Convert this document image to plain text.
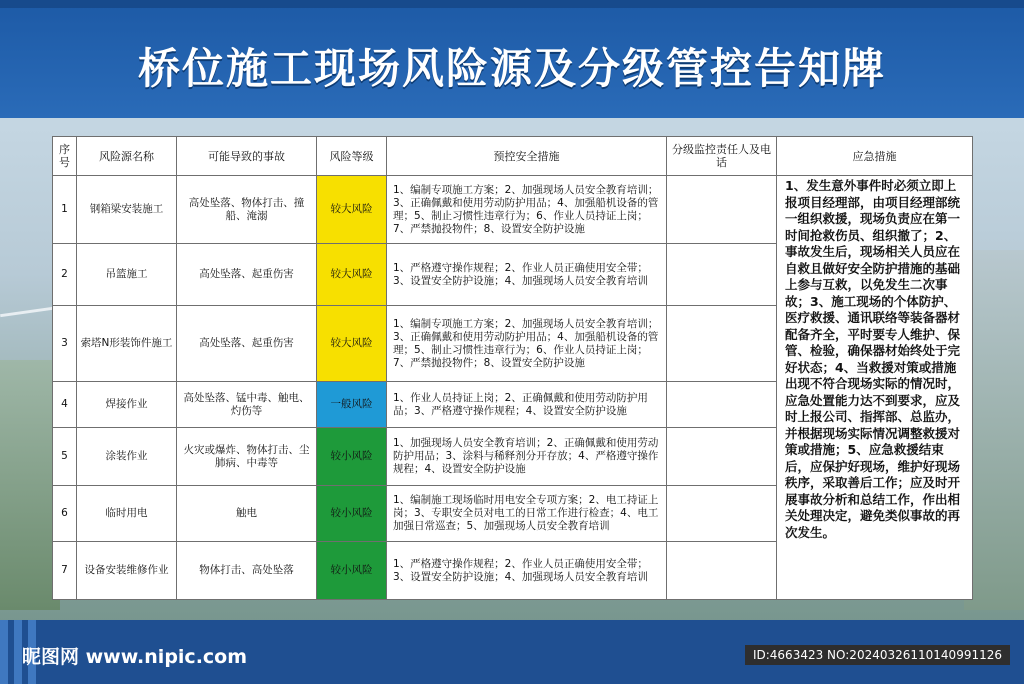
桥位施工现场风险源及分级管控告知牌
序号	风险源名称	可能导致的事故	风险等级	预控安全措施	分级监控责任人及电话	应急措施
1	钢箱梁安装施工	高处坠落、物体打击、撞船、淹溺	较大风险	1、编制专项施工方案；2、加强现场人员安全教育培训；3、正确佩戴和使用劳动防护用品；4、加强船机设备的管理；5、制止习惯性违章行为；6、作业人员持证上岗；7、严禁抛投物件；8、设置安全防护设施		1、发生意外事件时必须立即上报项目经理部，由项目经理部统一组织救援，现场负责应在第一时间抢救伤员、组织撤了；2、事故发生后，现场相关人员应在自救且做好安全防护措施的基础上参与互救，以免发生二次事故；3、施工现场的个体防护、医疗救援、通讯联络等装备器材配备齐全，平时要专人维护、保管、检验，确保器材始终处于完好状态；4、当救援对策或措施出现不符合现场实际的情况时，应急处置能力达不到要求，应及时上报公司、指挥部、总监办，并根据现场实际情况调整救援对策或措施；5、应急救援结束后，应保护好现场，维护好现场秩序，采取善后工作；应及时开展事故分析和总结工作，作出相关处理决定，避免类似事故的再次发生。
2	吊篮施工	高处坠落、起重伤害	较大风险	1、严格遵守操作规程；2、作业人员正确使用安全带；3、设置安全防护设施；4、加强现场人员安全教育培训		
3	索塔N形装饰件施工	高处坠落、起重伤害	较大风险	1、编制专项施工方案；2、加强现场人员安全教育培训；3、正确佩戴和使用劳动防护用品；4、加强船机设备的管理；5、制止习惯性违章行为；6、作业人员持证上岗；7、严禁抛投物件；8、设置安全防护设施		
4	焊接作业	高处坠落、锰中毒、触电、灼伤等	一般风险	1、作业人员持证上岗；2、正确佩戴和使用劳动防护用品；3、严格遵守操作规程；4、设置安全防护设施		
5	涂装作业	火灾或爆炸、物体打击、尘肺病、中毒等	较小风险	1、加强现场人员安全教育培训；2、正确佩戴和使用劳动防护用品；3、涂料与稀释剂分开存放；4、严格遵守操作规程；4、设置安全防护设施		
6	临时用电	触电	较小风险	1、编制施工现场临时用电安全专项方案；2、电工持证上岗；3、专职安全员对电工的日常工作进行检查；4、电工加强日常巡查；5、加强现场人员安全教育培训		
7	设备安装维修作业	物体打击、高处坠落	较小风险	1、严格遵守操作规程；2、作业人员正确使用安全带；3、设置安全防护设施；4、加强现场人员安全教育培训		
昵图网 www.nipic.com	ID:4663423 NO:20240326110140991126
